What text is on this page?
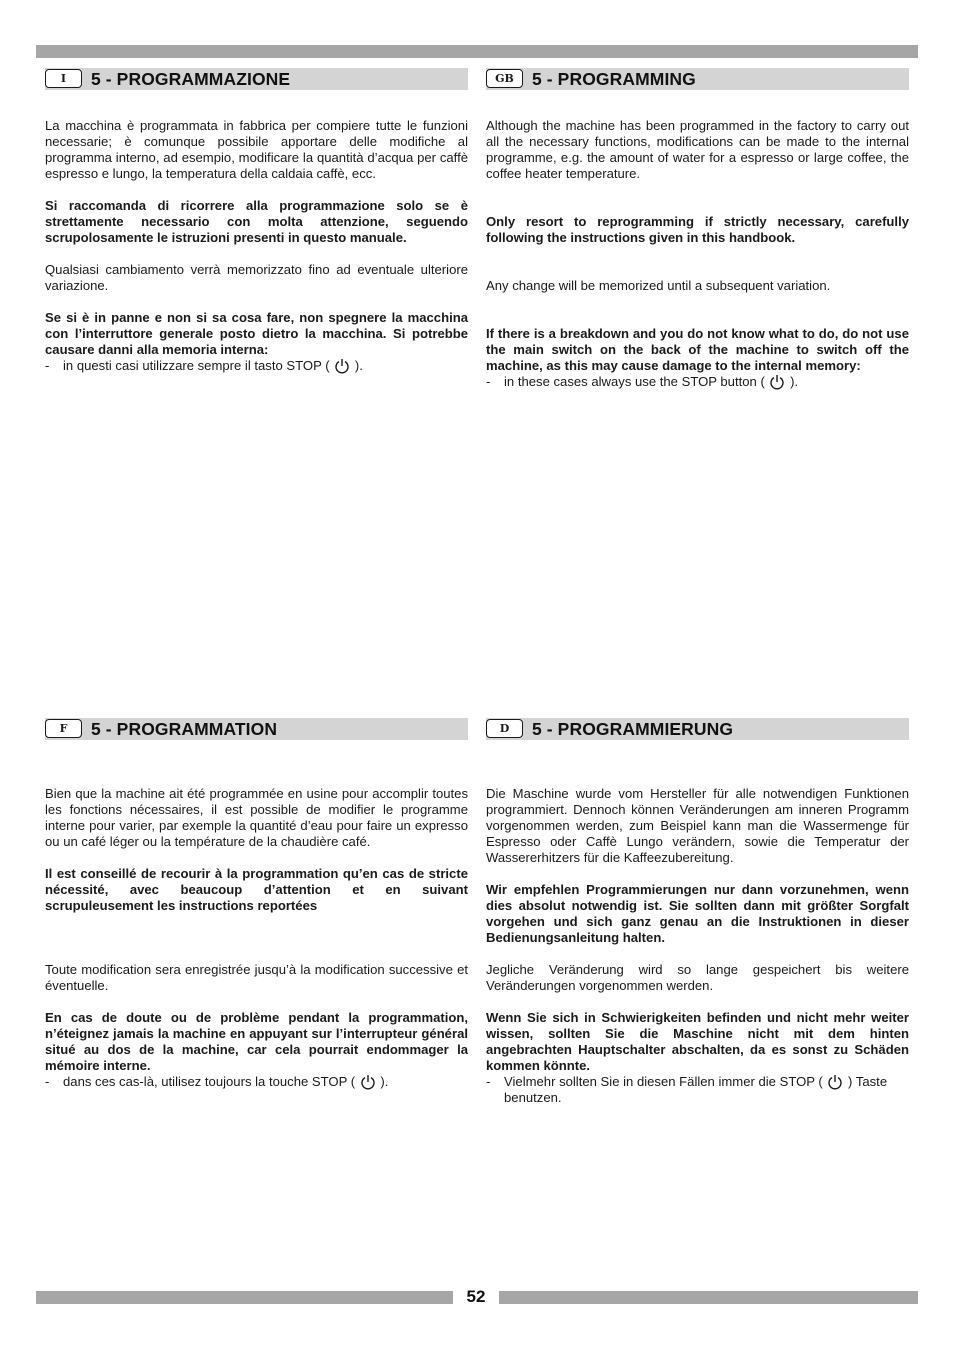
I	5 - PROGRAMMAZIONE

La macchina è programmata in fabbrica per compiere tutte le funzioni necessarie; è comunque possibile apportare delle modifiche al programma interno, ad esempio, modificare la quantità d’acqua per caffè espresso e lungo, la temperatura della caldaia caffè, ecc.

Si raccomanda di ricorrere alla programmazione solo se è strettamente necessario con molta attenzione, seguendo scrupolosamente le istruzioni presenti in questo manuale.

Qualsiasi cambiamento verrà memorizzato fino ad eventuale ulteriore variazione.

Se si è in panne e non si sa cosa fare, non spegnere la macchina con l’interruttore generale posto dietro la macchina. Si potrebbe causare danni alla memoria interna:

- in questi casi utilizzare sempre il tasto STOP ( ).

GB	5 - PROGRAMMING

Although the machine has been programmed in the factory to carry out all the necessary functions, modifications can be made to the internal programme, e.g. the amount of water for a espresso or large coffee, the coffee heater temperature.

Only resort to reprogramming if strictly necessary, carefully following the instructions given in this handbook.

Any change will be memorized until a subsequent variation.

If there is a breakdown and you do not know what to do, do not use the main switch on the back of the machine to switch off the machine, as this may cause damage to the internal memory:

- in these cases always use the STOP button ( ).

F	5 - PROGRAMMATION

Bien que la machine ait été programmée en usine pour accomplir toutes les fonctions nécessaires, il est possible de modifier le programme interne pour varier, par exemple la quantité d’eau pour faire un expresso ou un café léger ou la température de la chaudière café.

Il est conseillé de recourir à la programmation qu’en cas de stricte nécessité, avec beaucoup d’attention et en suivant scrupuleusement les instructions reportées

Toute modification sera enregistrée jusqu’à la modification successive et éventuelle.

En cas de doute ou de problème pendant la programmation, n’éteignez jamais la machine en appuyant sur l’interrupteur général situé au dos de la machine, car cela pourrait endommager la mémoire interne.

- dans ces cas-là, utilisez toujours la touche STOP ( ).

D	5 - PROGRAMMIERUNG

Die Maschine wurde vom Hersteller für alle notwendigen Funktionen programmiert. Dennoch können Veränderungen am inneren Programm vorgenommen werden, zum Beispiel kann man die Wassermenge für Espresso oder Caffè Lungo verändern, sowie die Temperatur der Wassererhitzers für die Kaffeezubereitung.

Wir empfehlen Programmierungen nur dann vorzunehmen, wenn dies absolut notwendig ist. Sie sollten dann mit größter Sorgfalt vorgehen und sich ganz genau an die Instruktionen in dieser Bedienungsanleitung halten.

Jegliche Veränderung wird so lange gespeichert bis weitere Veränderungen vorgenommen werden.

Wenn Sie sich in Schwierigkeiten befinden und nicht mehr weiter wissen, sollten Sie die Maschine nicht mit dem hinten angebrachten Hauptschalter abschalten, da es sonst zu Schäden kommen könnte.

- Vielmehr sollten Sie in diesen Fällen immer die STOP ( ) Taste benutzen.

52
